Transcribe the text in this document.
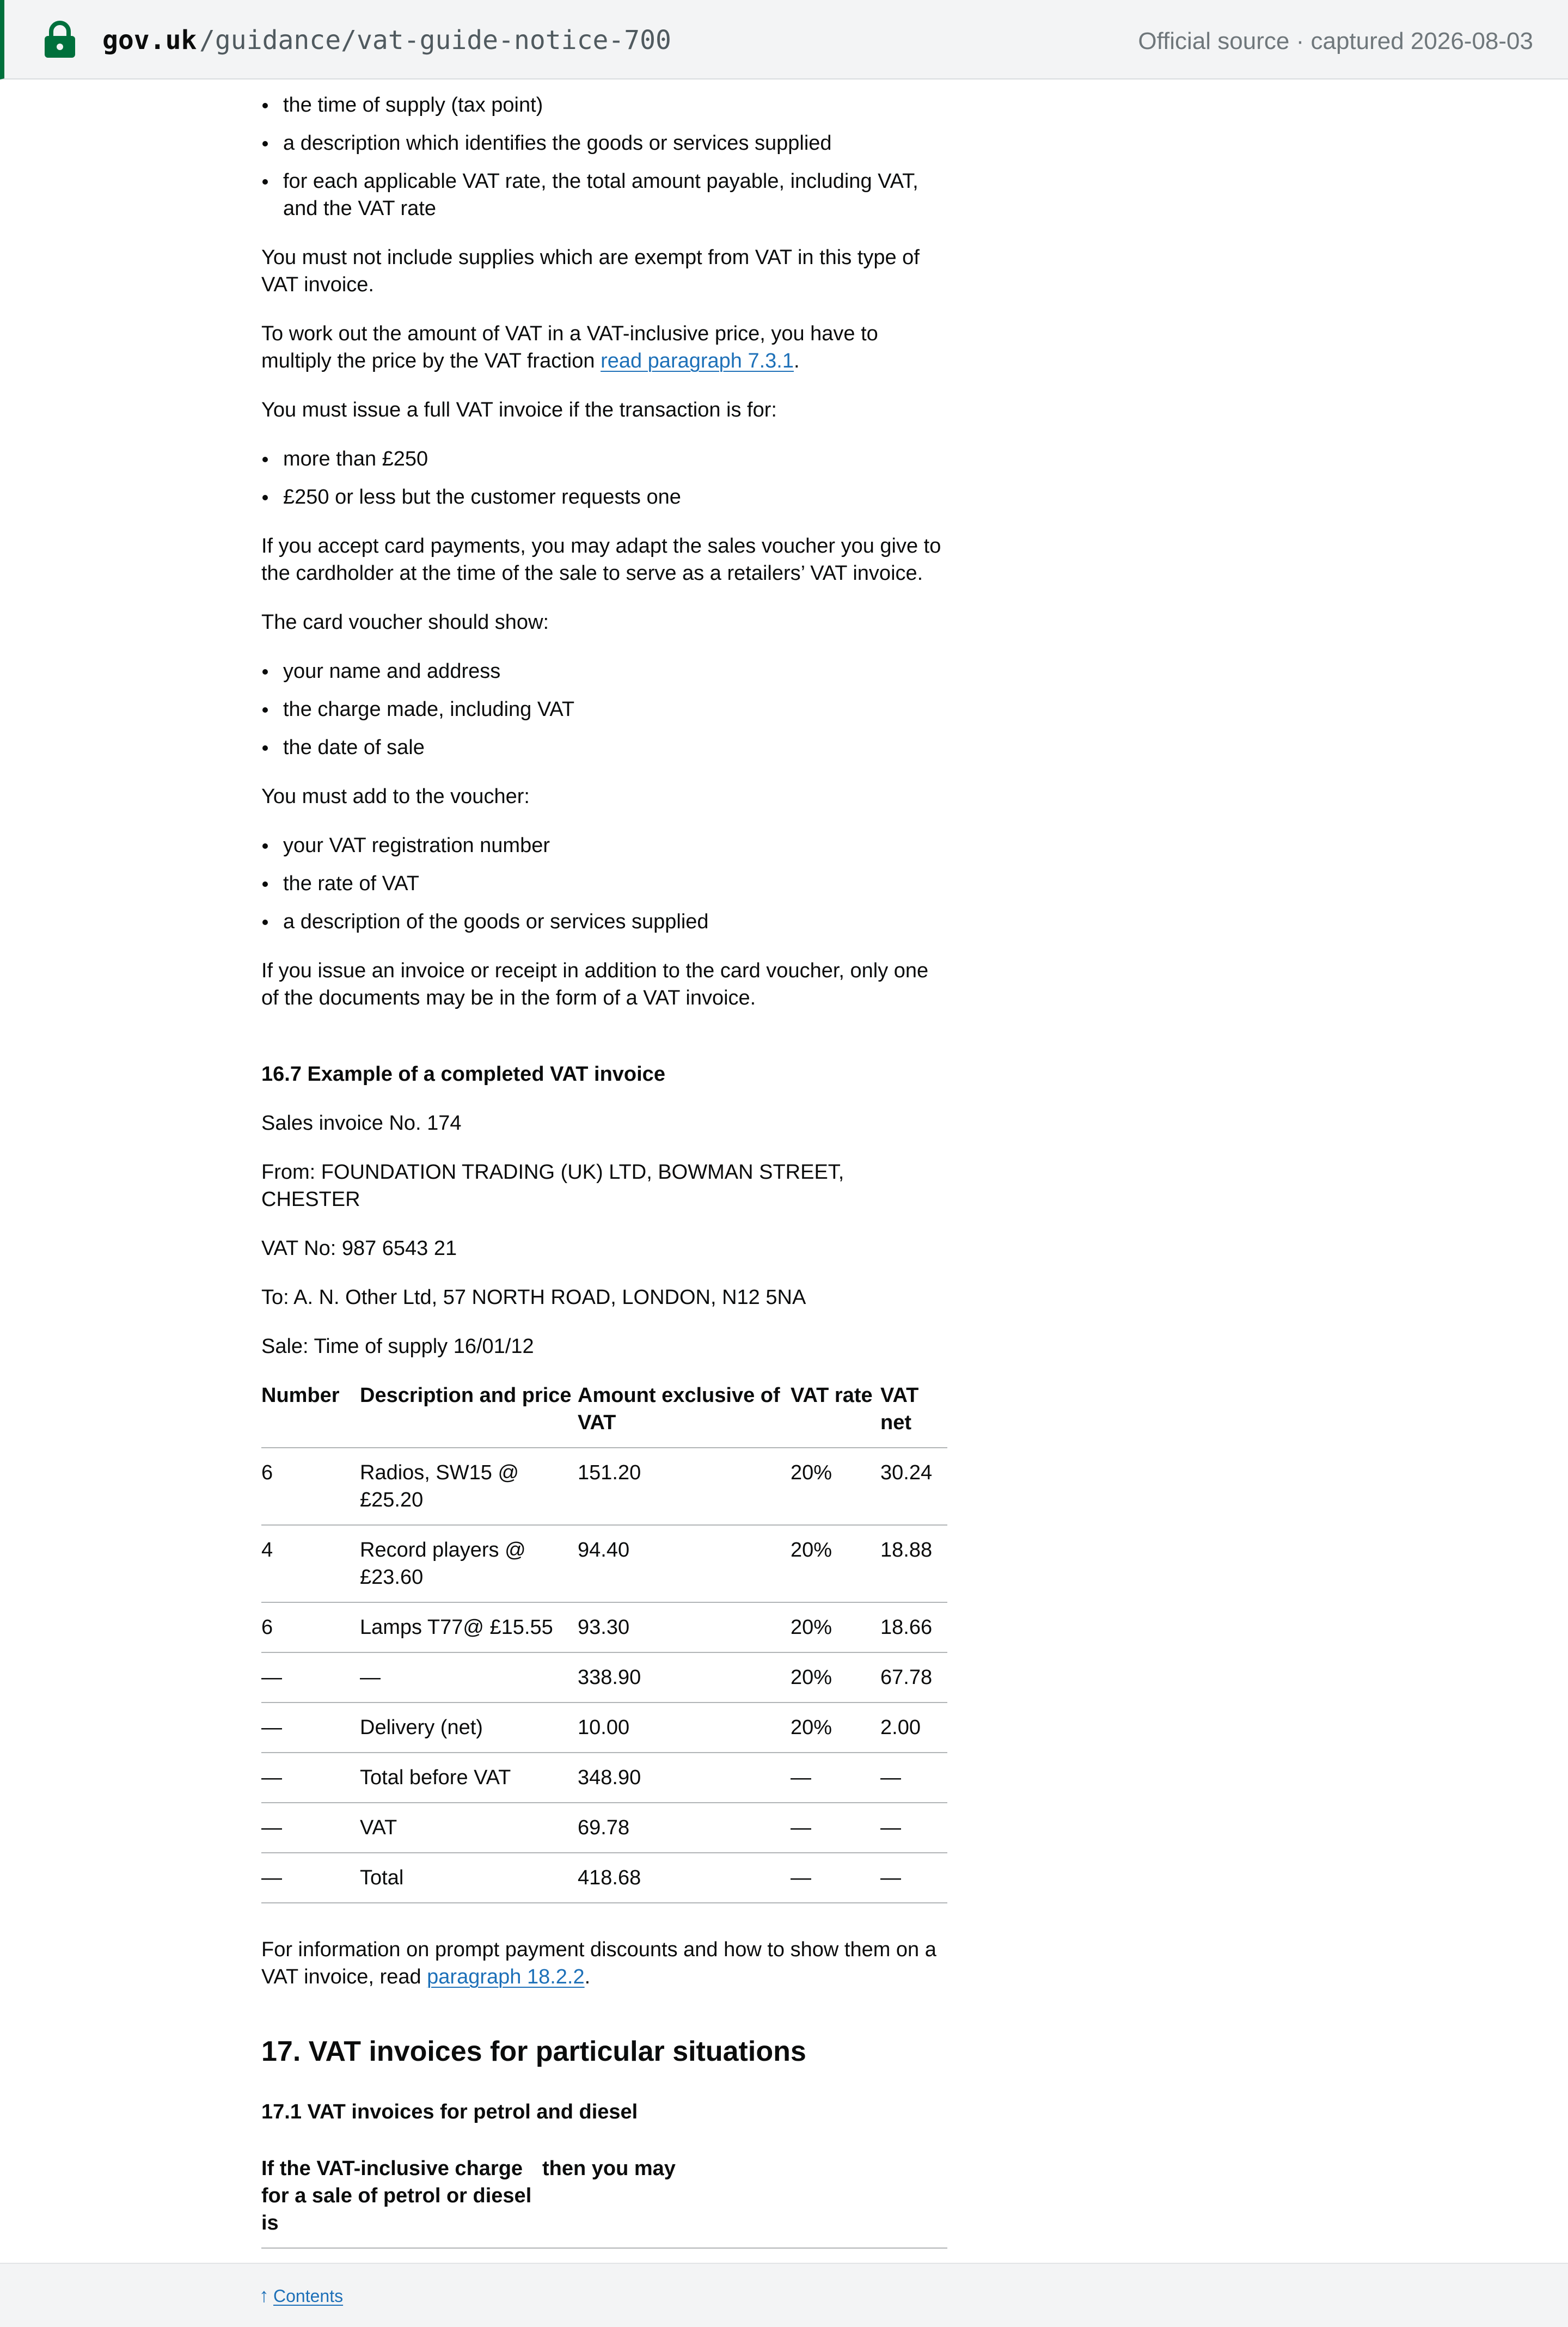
gov.uk /guidance/vat-guide-notice-700	Official source · captured 2026-08-03
the time of supply (tax point)
a description which identifies the goods or services supplied
for each applicable VAT rate, the total amount payable, including VAT, and the VAT rate

You must not include supplies which are exempt from VAT in this type of VAT invoice.

To work out the amount of VAT in a VAT-inclusive price, you have to multiply the price by the VAT fraction read paragraph 7.3.1.

You must issue a full VAT invoice if the transaction is for:

more than £250
£250 or less but the customer requests one

If you accept card payments, you may adapt the sales voucher you give to the cardholder at the time of the sale to serve as a retailers’ VAT invoice.

The card voucher should show:

your name and address
the charge made, including VAT
the date of sale

You must add to the voucher:

your VAT registration number
the rate of VAT
a description of the goods or services supplied

If you issue an invoice or receipt in addition to the card voucher, only one of the documents may be in the form of a VAT invoice.

16.7 Example of a completed VAT invoice

Sales invoice No. 174

From: FOUNDATION TRADING (UK) LTD, BOWMAN STREET, CHESTER

VAT No: 987 6543 21

To: A. N. Other Ltd, 57 NORTH ROAD, LONDON, N12 5NA

Sale: Time of supply 16/01/12

Number	Description and price	Amount exclusive of VAT	VAT rate	VAT net
6	Radios, SW15 @ £25.20	151.20	20%	30.24
4	Record players @ £23.60	94.40	20%	18.88
6	Lamps T77@ £15.55	93.30	20%	18.66
—	—	338.90	20%	67.78
—	Delivery (net)	10.00	20%	2.00
—	Total before VAT	348.90	—	—
—	VAT	69.78	—	—
—	Total	418.68	—	—

For information on prompt payment discounts and how to show them on a VAT invoice, read paragraph 18.2.2.

17. VAT invoices for particular situations
17.1 VAT invoices for petrol and diesel
If the VAT-inclusive charge for a sale of petrol or diesel is	then you may

↑ Contents
